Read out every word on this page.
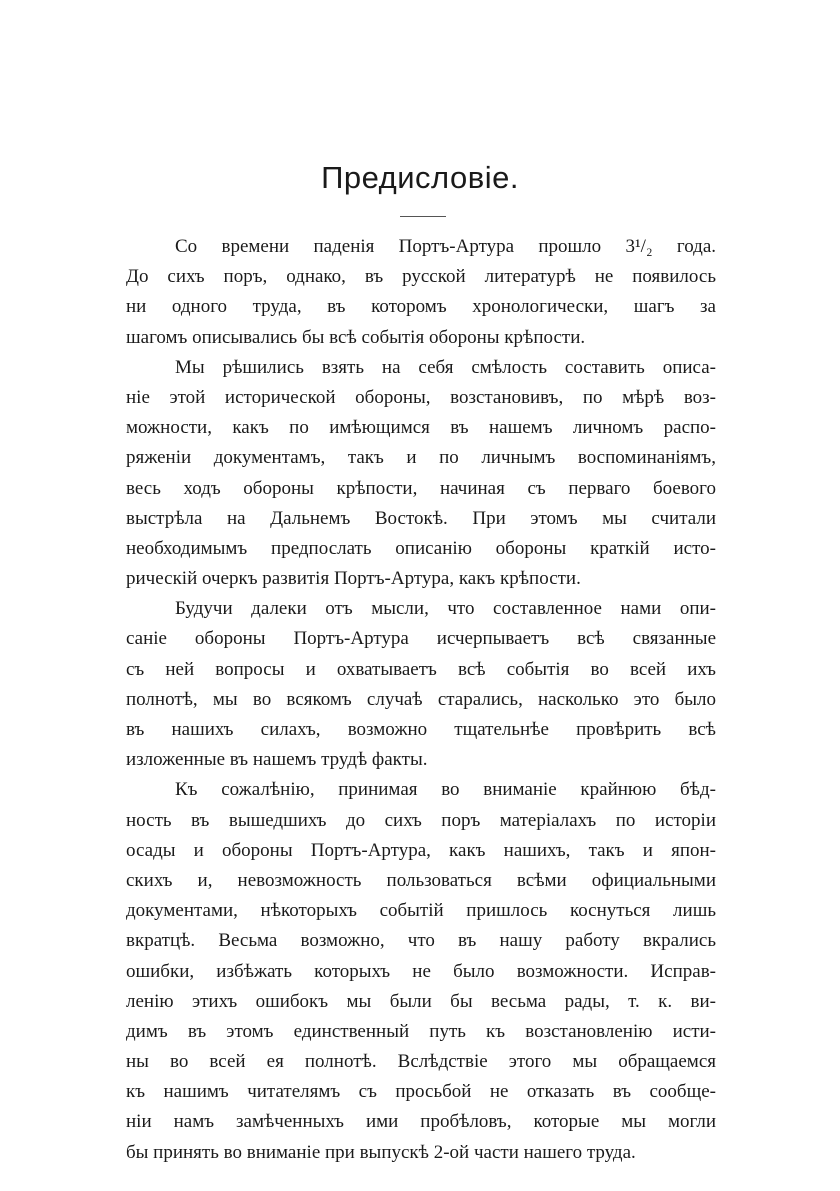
Предисловіе.
Со времени паденія Портъ-Артура прошло 3¹/₂ года.
До сихъ поръ, однако, въ русской литературѣ не появилось
ни одного труда, въ которомъ хронологически, шагъ за
шагомъ описывались бы всѣ событія обороны крѣпости.
Мы рѣшились взять на себя смѣлость составить описа-
ніе этой исторической обороны, возстановивъ, по мѣрѣ воз-
можности, какъ по имѣющимся въ нашемъ личномъ распо-
ряженіи документамъ, такъ и по личнымъ воспоминаніямъ,
весь ходъ обороны крѣпости, начиная съ перваго боевого
выстрѣла на Дальнемъ Востокѣ. При этомъ мы считали
необходимымъ предпослать описанію обороны краткій исто-
рическій очеркъ развитія Портъ-Артура, какъ крѣпости.
Будучи далеки отъ мысли, что составленное нами опи-
саніе обороны Портъ-Артура исчерпываетъ всѣ связанные
съ ней вопросы и охватываетъ всѣ событія во всей ихъ
полнотѣ, мы во всякомъ случаѣ старались, насколько это было
въ нашихъ силахъ, возможно тщательнѣе провѣрить всѣ
изложенные въ нашемъ трудѣ факты.
Къ сожалѣнію, принимая во вниманіе крайнюю бѣд-
ность въ вышедшихъ до сихъ поръ матеріалахъ по исторіи
осады и обороны Портъ-Артура, какъ нашихъ, такъ и япон-
скихъ и, невозможность пользоваться всѣми официальными
документами, нѣкоторыхъ событій пришлось коснуться лишь
вкратцѣ. Весьма возможно, что въ нашу работу вкрались
ошибки, избѣжать которыхъ не было возможности. Исправ-
ленію этихъ ошибокъ мы были бы весьма рады, т. к. ви-
димъ въ этомъ единственный путь къ возстановленію исти-
ны во всей ея полнотѣ. Вслѣдствіе этого мы обращаемся
къ нашимъ читателямъ съ просьбой не отказать въ сообще-
ніи намъ замѣченныхъ ими пробѣловъ, которые мы могли
бы принять во вниманіе при выпускѣ 2-ой части нашего труда.
